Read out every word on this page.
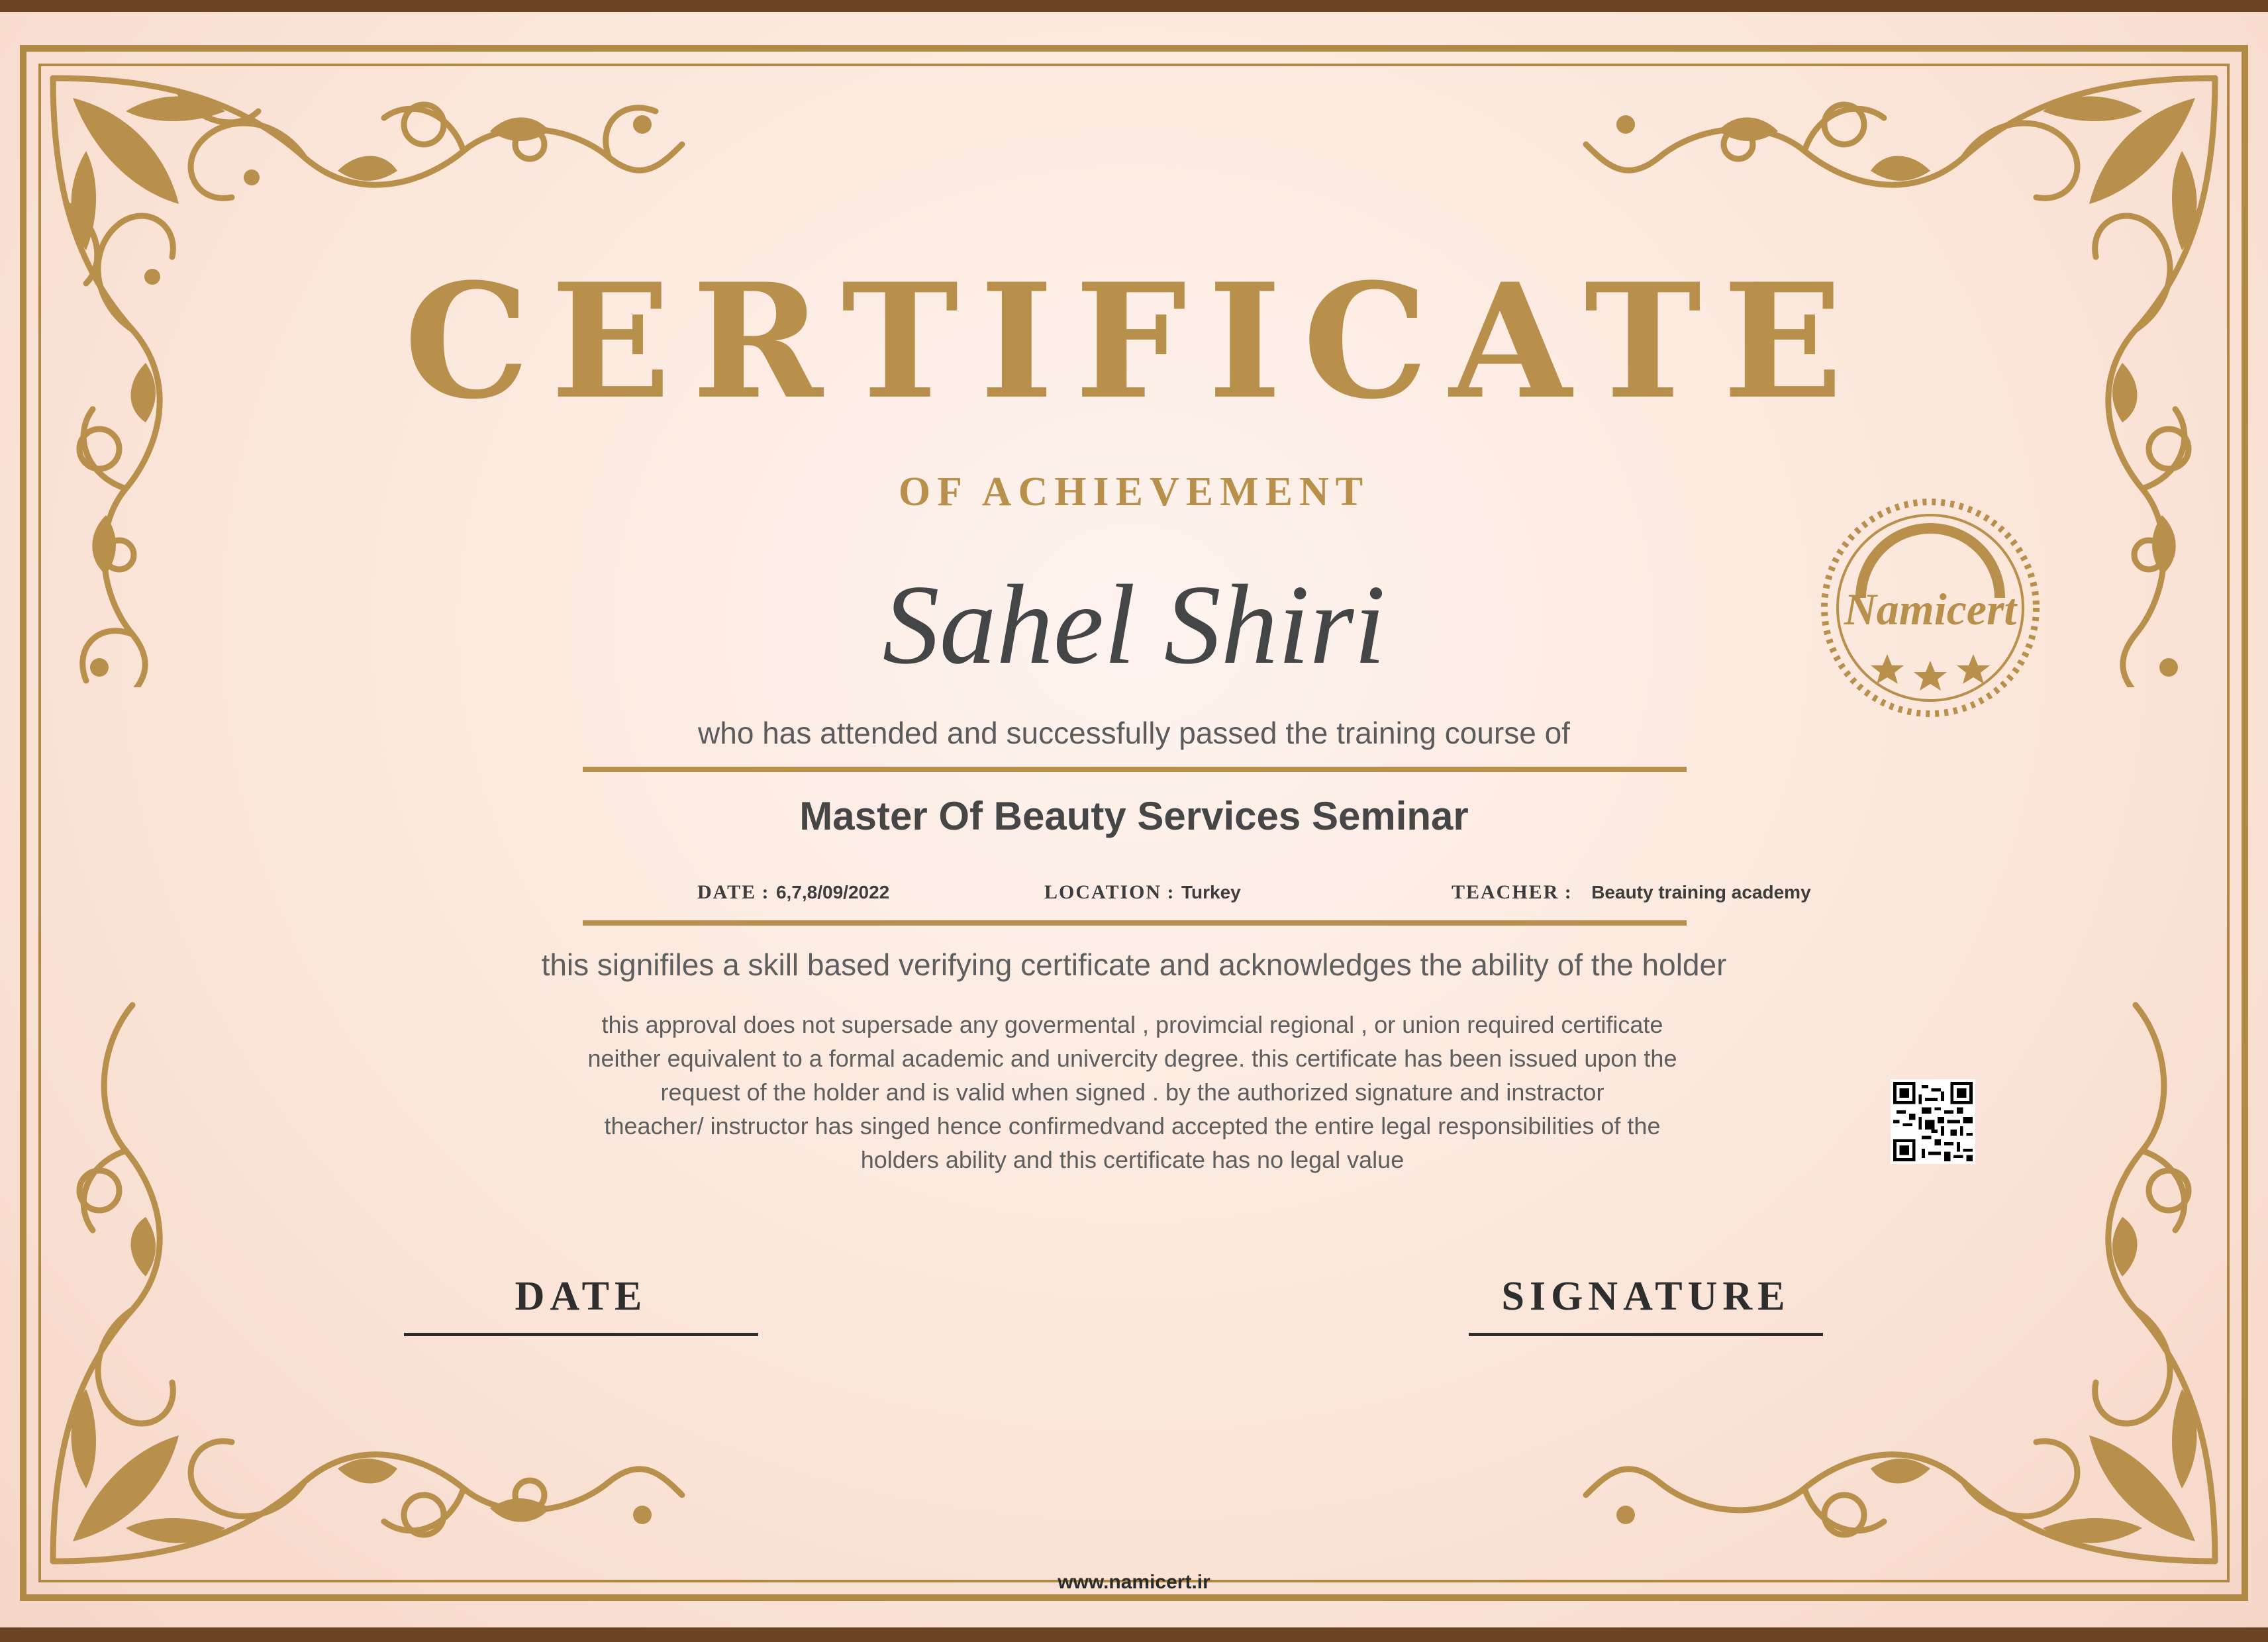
CERTIFICATE
OF ACHIEVEMENT
Sahel Shiri
who has attended and successfully passed the training course of
Master Of Beauty Services Seminar
DATE : 6,7,8/09/2022	LOCATION : Turkey	TEACHER :   Beauty training academy
this signifiles a skill based verifying certificate and acknowledges the ability of the holder
this approval does not supersade any govermental , provimcial regional , or union required certificate
neither equivalent to a formal academic and univercity degree. this certificate has been issued upon the
request of the holder and is valid when signed . by the authorized signature and instractor
theacher/ instructor has singed hence confirmedvand accepted the entire legal responsibilities of the
holders ability and this certificate has no legal value
Namicert
DATE	SIGNATURE
www.namicert.ir
